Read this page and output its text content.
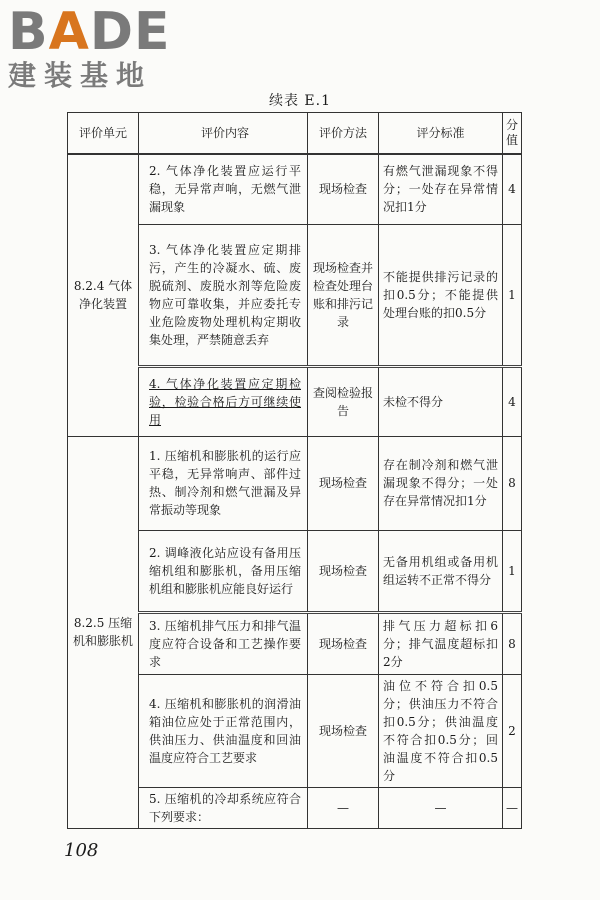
B A DE
建装基地
续表 E.1
评价单元	评价内容	评价方法	评分标准	分值
8.2.4 气体净化装置	2. 气体净化装置应运行平稳，无异常声响，无燃气泄漏现象	现场检查	有燃气泄漏现象不得分；一处存在异常情况扣1分	4
	3. 气体净化装置应定期排污，产生的冷凝水、硫、废脱硫剂、废脱水剂等危险废物应可靠收集，并应委托专业危险废物处理机构定期收集处理，严禁随意丢弃	现场检查并检查处理台账和排污记录	不能提供排污记录的扣0.5分；不能提供处理台账的扣0.5分	1
	4. 气体净化装置应定期检验，检验合格后方可继续使用	查阅检验报告	未检不得分	4
8.2.5 压缩机和膨胀机	1. 压缩机和膨胀机的运行应平稳，无异常响声、部件过热、制冷剂和燃气泄漏及异常振动等现象	现场检查	存在制冷剂和燃气泄漏现象不得分；一处存在异常情况扣1分	8
	2. 调峰液化站应设有备用压缩机组和膨胀机，备用压缩机组和膨胀机应能良好运行	现场检查	无备用机组或备用机组运转不正常不得分	1
	3. 压缩机排气压力和排气温度应符合设备和工艺操作要求	现场检查	排气压力超标扣6分；排气温度超标扣2分	8
	4. 压缩机和膨胀机的润滑油箱油位应处于正常范围内，供油压力、供油温度和回油温度应符合工艺要求	现场检查	油位不符合扣0.5分；供油压力不符合扣0.5分；供油温度不符合扣0.5分；回油温度不符合扣0.5分	2
	5. 压缩机的冷却系统应符合下列要求：	—	—	—
108
